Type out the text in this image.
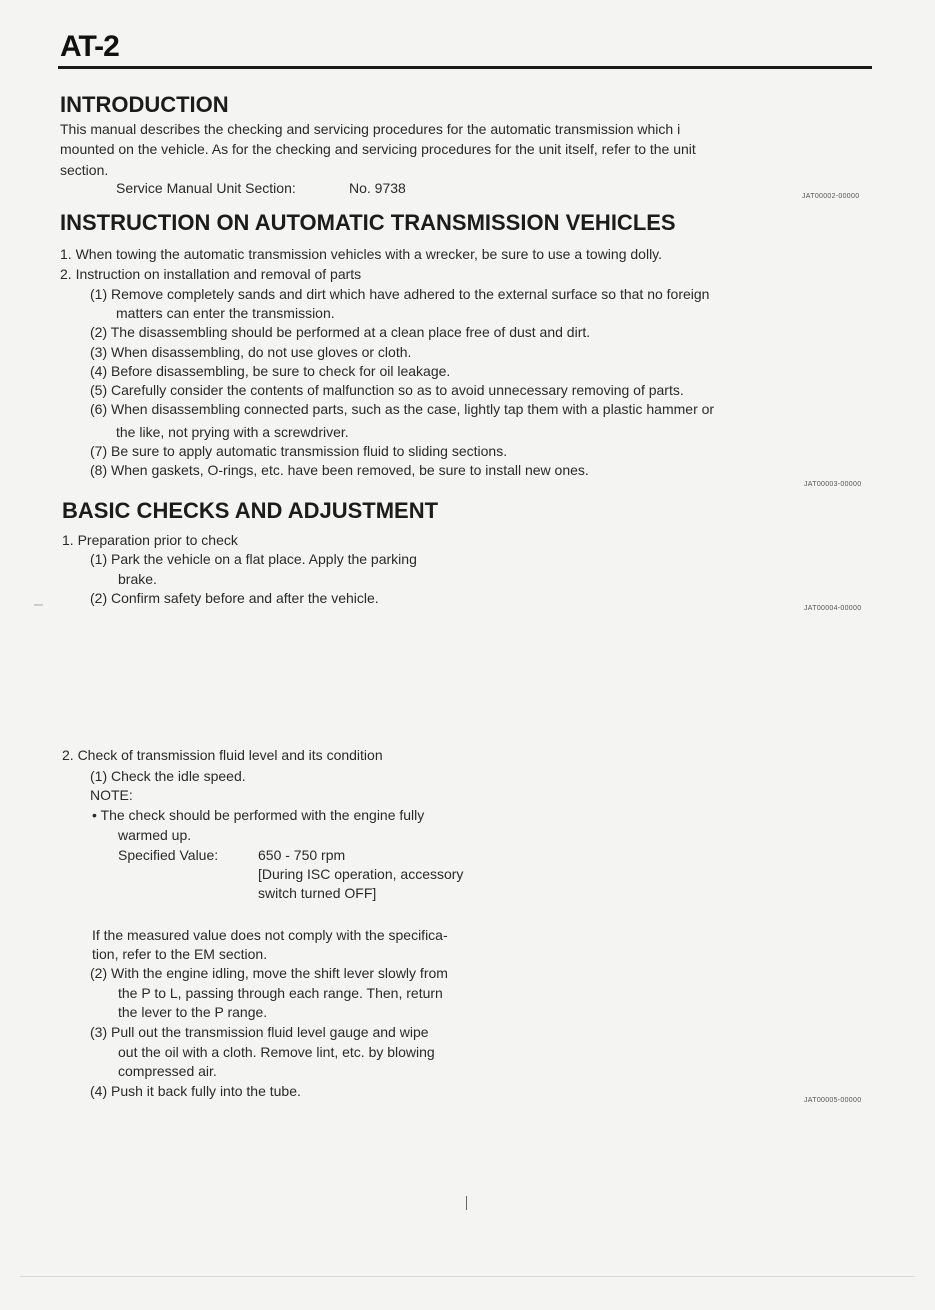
AT-2
INTRODUCTION
This manual describes the checking and servicing procedures for the automatic transmission which i
mounted on the vehicle. As for the checking and servicing procedures for the unit itself, refer to the unit
section.
Service Manual Unit Section:	No. 9738
JAT00002-00000
INSTRUCTION ON AUTOMATIC TRANSMISSION VEHICLES
1. When towing the automatic transmission vehicles with a wrecker, be sure to use a towing dolly.
2. Instruction on installation and removal of parts
(1) Remove completely sands and dirt which have adhered to the external surface so that no foreign
matters can enter the transmission.
(2) The disassembling should be performed at a clean place free of dust and dirt.
(3) When disassembling, do not use gloves or cloth.
(4) Before disassembling, be sure to check for oil leakage.
(5) Carefully consider the contents of malfunction so as to avoid unnecessary removing of parts.
(6) When disassembling connected parts, such as the case, lightly tap them with a plastic hammer or
the like, not prying with a screwdriver.
(7) Be sure to apply automatic transmission fluid to sliding sections.
(8) When gaskets, O-rings, etc. have been removed, be sure to install new ones.
JAT00003-00000
BASIC CHECKS AND ADJUSTMENT
1. Preparation prior to check
(1) Park the vehicle on a flat place. Apply the parking
brake.
(2) Confirm safety before and after the vehicle.
JAT00004-00000
2. Check of transmission fluid level and its condition
(1) Check the idle speed.
NOTE:
• The check should be performed with the engine fully
warmed up.
Specified Value:	650 - 750 rpm
[During ISC operation, accessory
switch turned OFF]
If the measured value does not comply with the specifica-
tion, refer to the EM section.
(2) With the engine idling, move the shift lever slowly from
the P to L, passing through each range. Then, return
the lever to the P range.
(3) Pull out the transmission fluid level gauge and wipe
out the oil with a cloth. Remove lint, etc. by blowing
compressed air.
(4) Push it back fully into the tube.
JAT00005-00000
–
